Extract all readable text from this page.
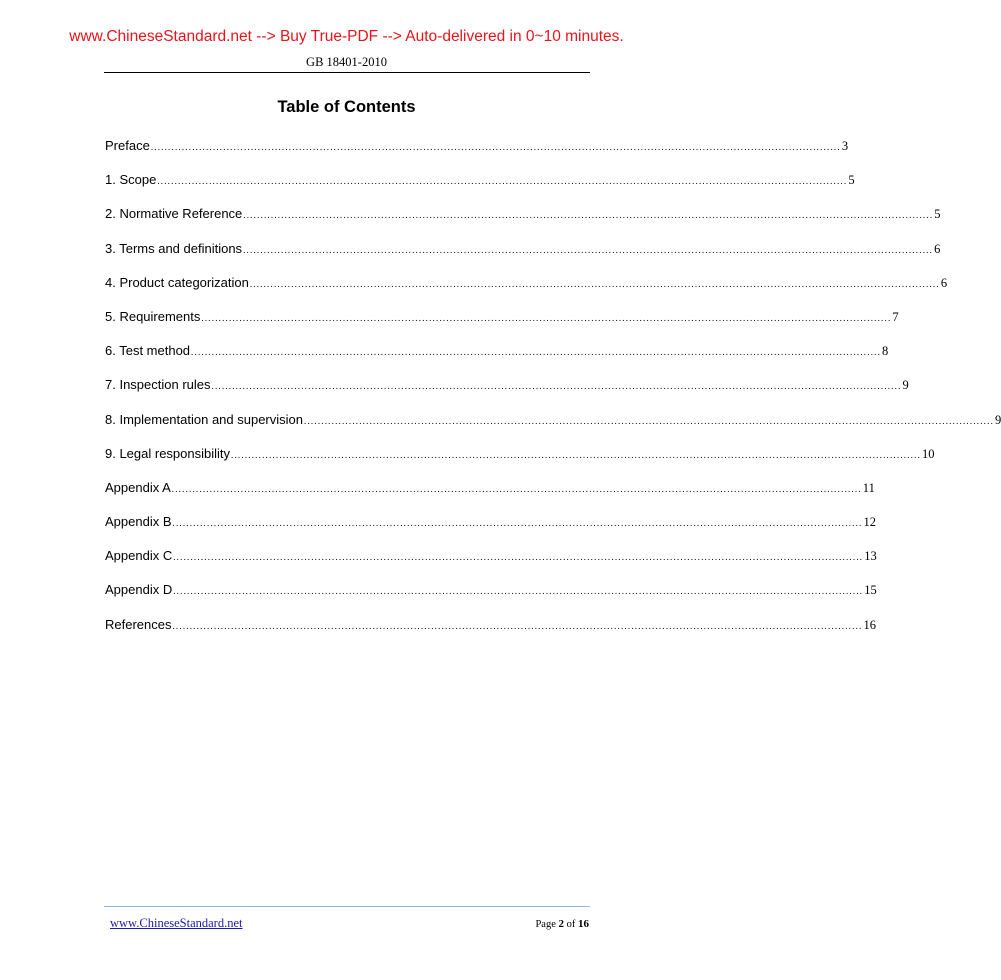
www.ChineseStandard.net --> Buy True-PDF --> Auto-delivered in 0~10 minutes.
GB 18401-2010
Table of Contents
Preface ........................................................................................................................................................................................................ 3
1. Scope ........................................................................................................................................................................................................ 5
2. Normative Reference ........................................................................................................................................................................................................ 5
3. Terms and definitions ........................................................................................................................................................................................................ 6
4. Product categorization ........................................................................................................................................................................................................ 6
5. Requirements ........................................................................................................................................................................................................ 7
6. Test method ........................................................................................................................................................................................................ 8
7. Inspection rules ........................................................................................................................................................................................................ 9
8. Implementation and supervision ........................................................................................................................................................................................................ 9
9. Legal responsibility ........................................................................................................................................................................................................ 10
Appendix A ........................................................................................................................................................................................................ 11
Appendix B ........................................................................................................................................................................................................ 12
Appendix C ........................................................................................................................................................................................................ 13
Appendix D ........................................................................................................................................................................................................ 15
References ........................................................................................................................................................................................................ 16
www.ChineseStandard.net	Page 2 of 16
